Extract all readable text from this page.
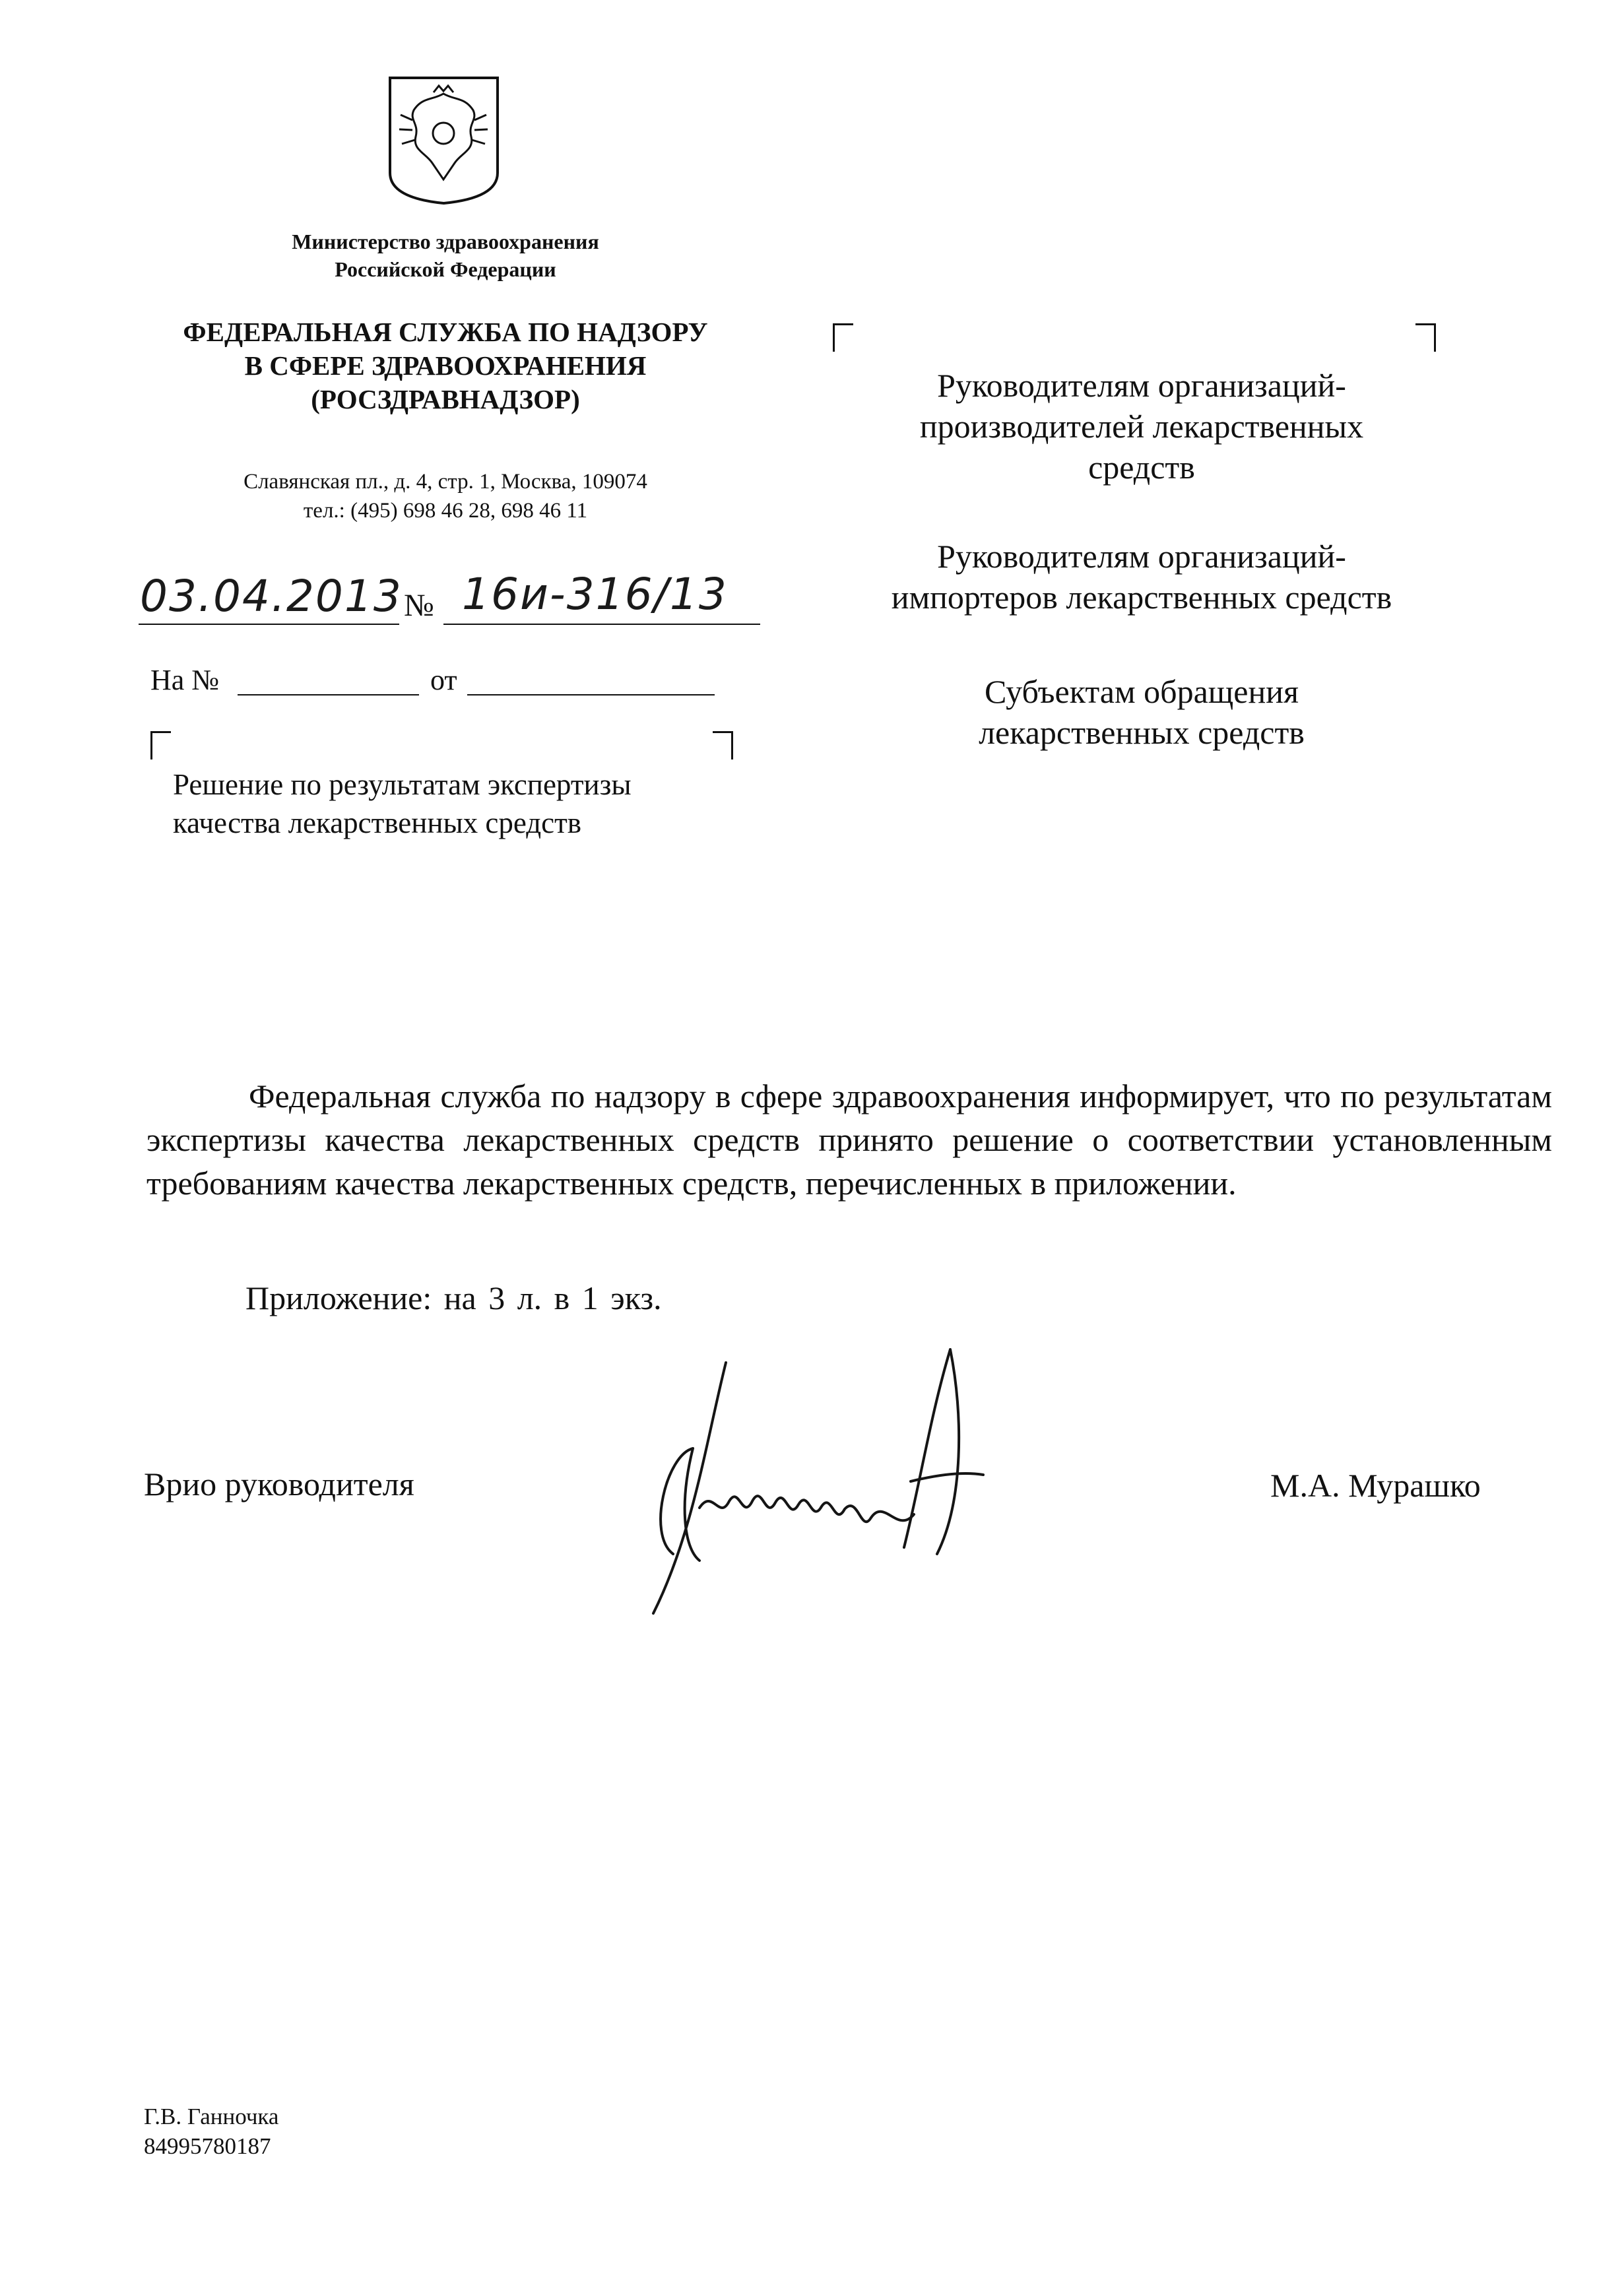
Министерство здравоохранения
Российской Федерации
ФЕДЕРАЛЬНАЯ СЛУЖБА ПО НАДЗОРУ
В СФЕРЕ ЗДРАВООХРАНЕНИЯ
(РОСЗДРАВНАДЗОР)
Славянская пл., д. 4, стр. 1, Москва, 109074
тел.: (495) 698 46 28, 698 46 11
03.04.2013 № 16и-316/13
На №	от
Решение по результатам экспертизы
качества лекарственных средств
Руководителям организаций-
производителей лекарственных
средств
Руководителям организаций-
импортеров лекарственных средств
Субъектам обращения
лекарственных средств

Федеральная служба по надзору в сфере здравоохранения информирует, что по результатам экспертизы качества лекарственных средств принято решение о соответствии установленным требованиям качества лекарственных средств, перечисленных в приложении.

Приложение: на 3 л. в 1 экз.
Врио руководителя	М.А. Мурашко
Г.В. Ганночка
84995780187
